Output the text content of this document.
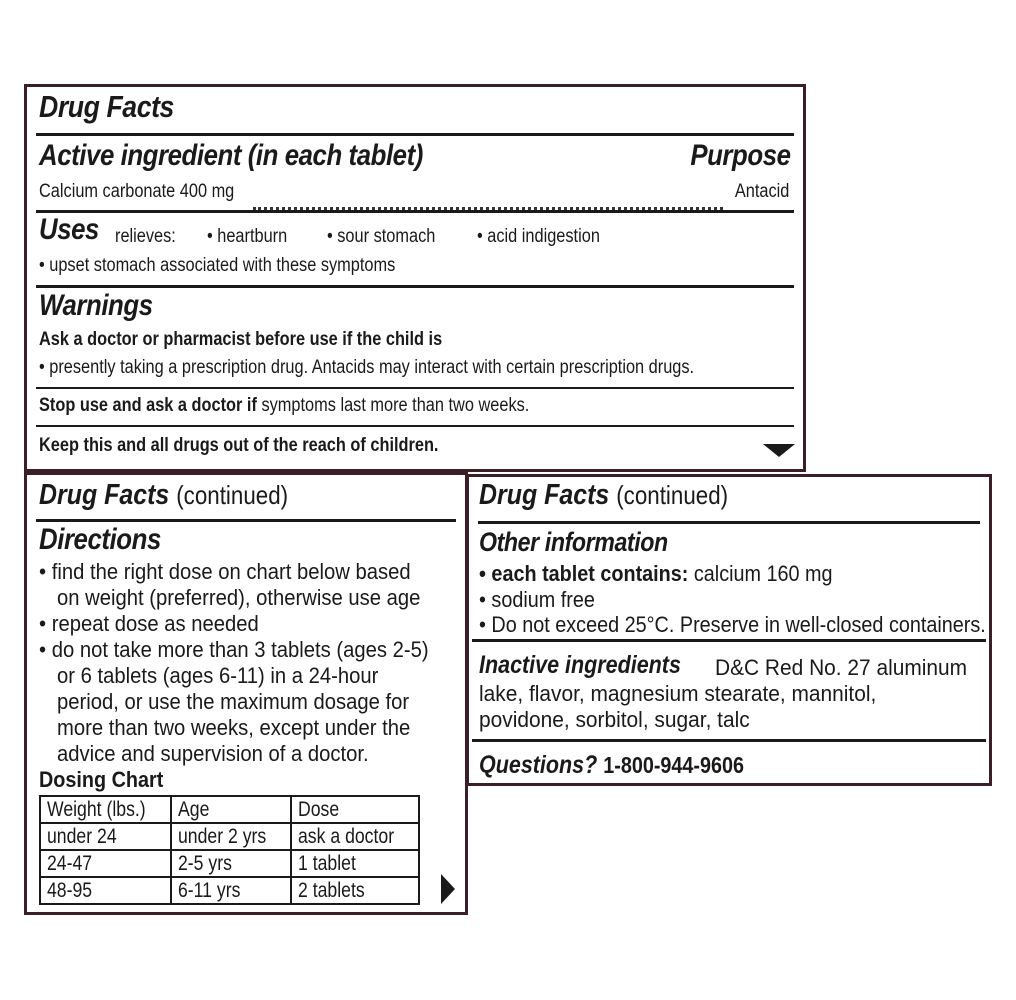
Drug Facts
Active ingredient (in each tablet)	Purpose
Calcium carbonate 400 mg	Antacid
Uses relieves:	• heartburn	• sour stomach	• acid indigestion
• upset stomach associated with these symptoms
Warnings
Ask a doctor or pharmacist before use if the child is
• presently taking a prescription drug. Antacids may interact with certain prescription drugs.
Stop use and ask a doctor if symptoms last more than two weeks.
Keep this and all drugs out of the reach of children.
Drug Facts (continued)
Directions
• find the right dose on chart below based
on weight (preferred), otherwise use age
• repeat dose as needed
• do not take more than 3 tablets (ages 2-5)
or 6 tablets (ages 6-11) in a 24-hour
period, or use the maximum dosage for
more than two weeks, except under the
advice and supervision of a doctor.
Dosing Chart
Weight (lbs.)	Age	Dose
under 24	under 2 yrs	ask a doctor
24-47	2-5 yrs	1 tablet
48-95	6-11 yrs	2 tablets
Drug Facts (continued)
Other information
• each tablet contains: calcium 160 mg
• sodium free
• Do not exceed 25°C. Preserve in well-closed containers.
Inactive ingredients	D&C Red No. 27 aluminum
lake, flavor, magnesium stearate, mannitol,
povidone, sorbitol, sugar, talc
Questions? 1-800-944-9606
